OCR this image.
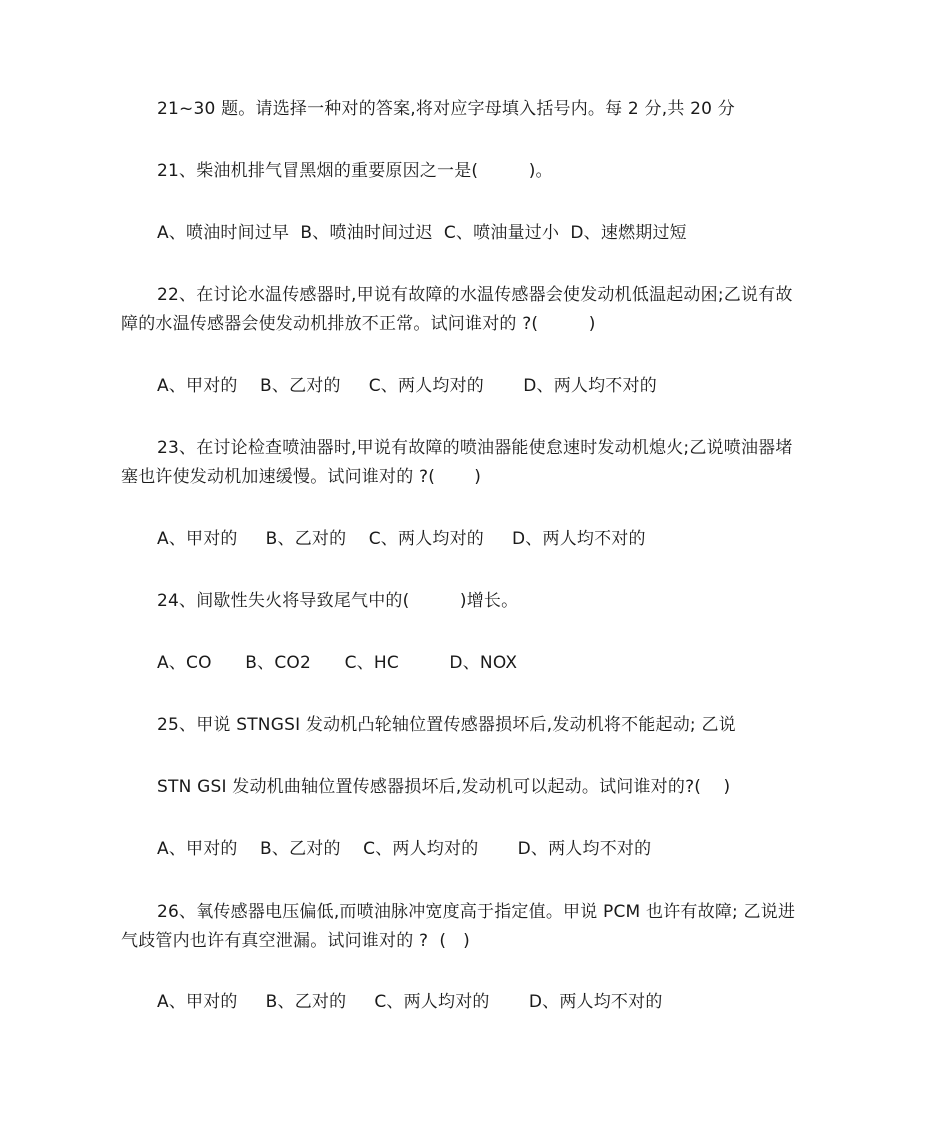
21~30 题。请选择一种对的答案,将对应字母填入括号内。每 2 分,共 20 分
21、柴油机排气冒黑烟的重要原因之一是(         )。
A、喷油时间过早  B、喷油时间过迟  C、喷油量过小  D、速燃期过短
22、在讨论水温传感器时,甲说有故障的水温传感器会使发动机低温起动困;乙说有故
障的水温传感器会使发动机排放不正常。试问谁对的 ?(         )
A、甲对的    B、乙对的     C、两人均对的       D、两人均不对的
23、在讨论检查喷油器时,甲说有故障的喷油器能使怠速时发动机熄火;乙说喷油器堵
塞也许使发动机加速缓慢。试问谁对的 ?(       )
A、甲对的     B、乙对的    C、两人均对的     D、两人均不对的
24、间歇性失火将导致尾气中的(         )增长。
A、CO      B、CO2      C、HC         D、NOX
25、甲说 STNGSI 发动机凸轮轴位置传感器损坏后,发动机将不能起动; 乙说
STN GSI 发动机曲轴位置传感器损坏后,发动机可以起动。试问谁对的?(    )
A、甲对的    B、乙对的    C、两人均对的       D、两人均不对的
26、氧传感器电压偏低,而喷油脉冲宽度高于指定值。甲说 PCM 也许有故障; 乙说进
气歧管内也许有真空泄漏。试问谁对的 ?  (   )
A、甲对的     B、乙对的     C、两人均对的       D、两人均不对的
